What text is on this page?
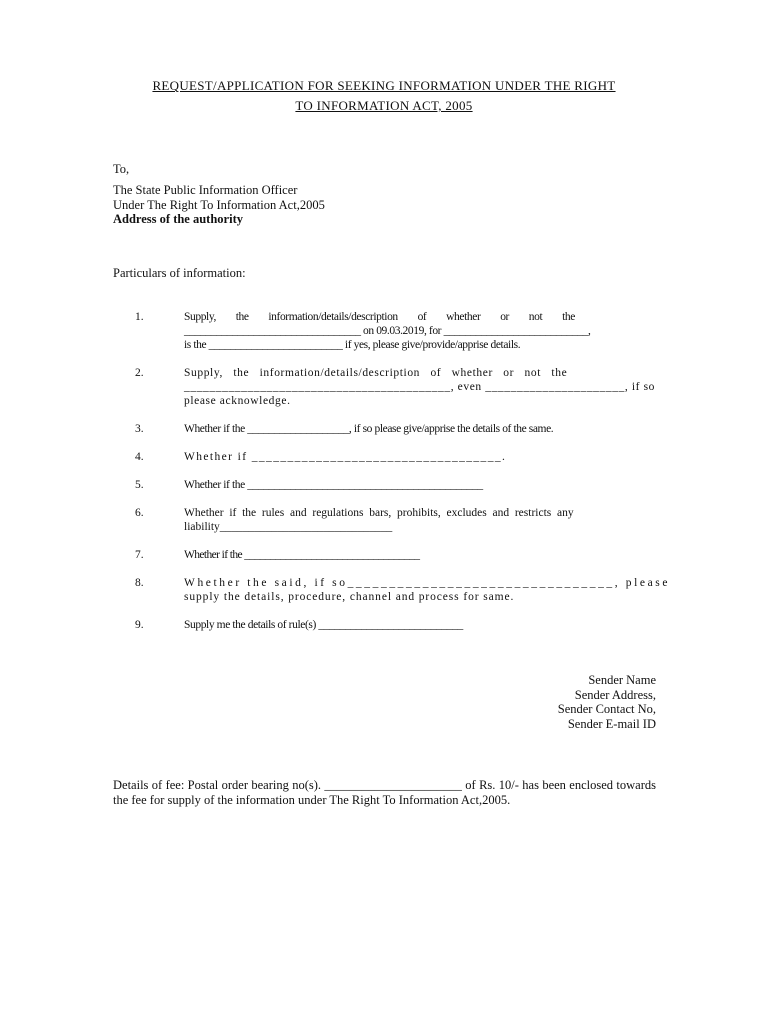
REQUEST/APPLICATION FOR SEEKING INFORMATION UNDER THE RIGHT
TO INFORMATION ACT, 2005
To,
The State Public Information Officer
Under The Right To Information Act,2005
Address of the authority
Particulars of information:
1.	Supply,        the        information/details/description        of        whether        or        not        the
_________________________________ on 09.03.2019, for ___________________________,
is the _________________________ if yes, please give/provide/apprise details.
2.	Supply,   the   information/details/description   of   whether   or   not   the
__________________________________________, even ______________________, if so
please acknowledge.
3.	Whether if the ___________________, if so please give/apprise the details of the same.
4.	Whether if ___________________________________.
5.	Whether if the ____________________________________________
6.	Whether  if  the  rules  and  regulations  bars,  prohibits,  excludes  and  restricts  any
liability______________________________
7.	Whether if the __________________________________
8.	Whether the said, if so________________________________, please
supply the details, procedure, channel and process for same.
9.	Supply me the details of rule(s) ___________________________
Sender Name
Sender Address,
Sender Contact No,
Sender E-mail ID
Details of fee: Postal order bearing no(s). ______________________ of Rs. 10/- has been enclosed towards the fee for supply of the information under The Right To Information Act,2005.
